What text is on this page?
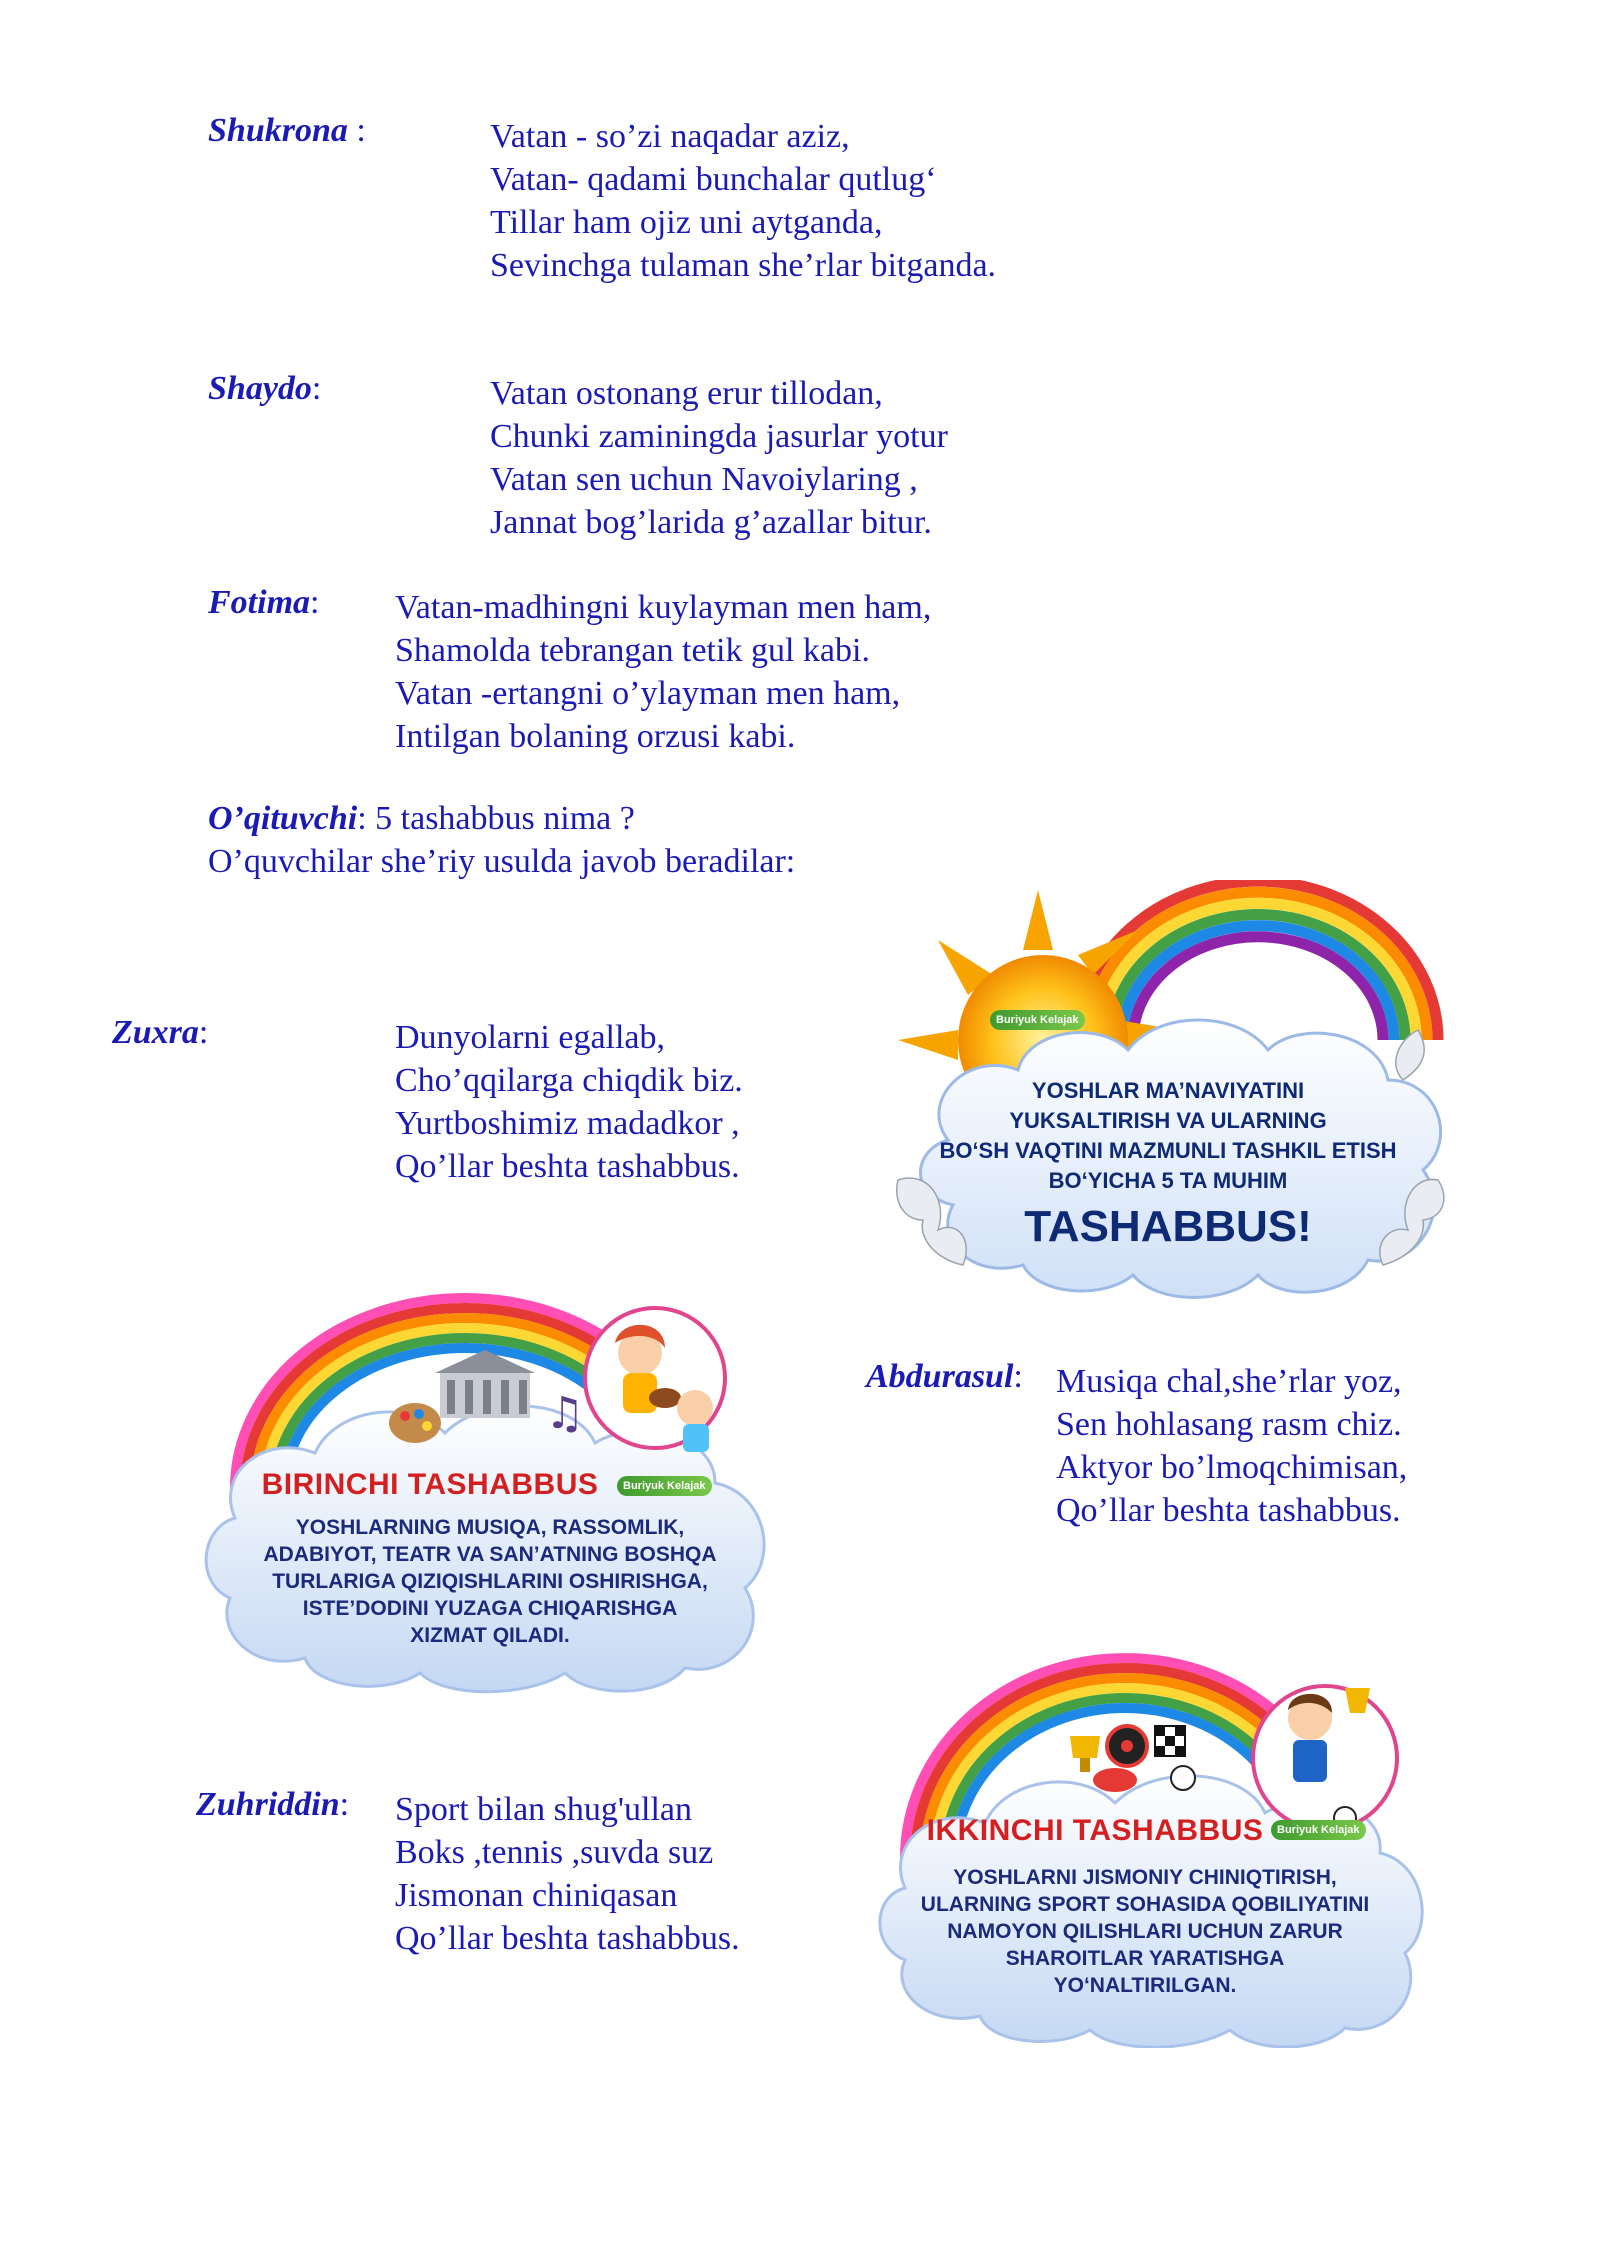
Shukrona :	Vatan - so’zi naqadar aziz,
Vatan- qadami bunchalar qutlug‘
Tillar ham ojiz uni aytganda,
Sevinchga tulaman she’rlar bitganda.
Shaydo:	Vatan ostonang erur tillodan,
Chunki zaminingda jasurlar yotur
Vatan sen uchun Navoiylaring ,
Jannat bog’larida g’azallar bitur.
Fotima: Vatan-madhingni kuylayman men ham,
Shamolda tebrangan tetik gul kabi.
Vatan -ertangni o’ylayman men ham,
Intilgan bolaning orzusi kabi.
O’qituvchi: 5 tashabbus nima ?
O’quvchilar she’riy usulda javob beradilar:
Zuxra:	Dunyolarni egallab,
Cho’qqilarga chiqdik biz.
Yurtboshimiz madadkor ,
Qo’llar beshta tashabbus.
Abdurasul: Musiqa chal,she’rlar yoz,
Sen hohlasang rasm chiz.
Aktyor bo’lmoqchimisan,
Qo’llar beshta tashabbus.
Zuhriddin: Sport bilan shug'ullan
Boks ,tennis ,suvda suz
Jismonan chiniqasan
Qo’llar beshta tashabbus.
Buriyuk Kelajak
YOSHLAR MA’NAVIYATINI
YUKSALTIRISH VA ULARNING
BO‘SH VAQTINI MAZMUNLI TASHKIL ETISH
BO‘YICHA 5 TA MUHIM
TASHABBUS!
♫
Buriyuk Kelajak
BIRINCHI TASHABBUS
YOSHLARNING MUSIQA, RASSOMLIK,
ADABIYOT, TEATR VA SAN’ATNING BOSHQA
TURLARIGA QIZIQISHLARINI OSHIRISHGA,
ISTE’DODINI YUZAGA CHIQARISHGA
XIZMAT QILADI.
Buriyuk Kelajak
IKKINCHI TASHABBUS
YOSHLARNI JISMONIY CHINIQTIRISH,
ULARNING SPORT SOHASIDA QOBILIYATINI
NAMOYON QILISHLARI UCHUN ZARUR
SHAROITLAR YARATISHGA
YO‘NALTIRILGAN.
